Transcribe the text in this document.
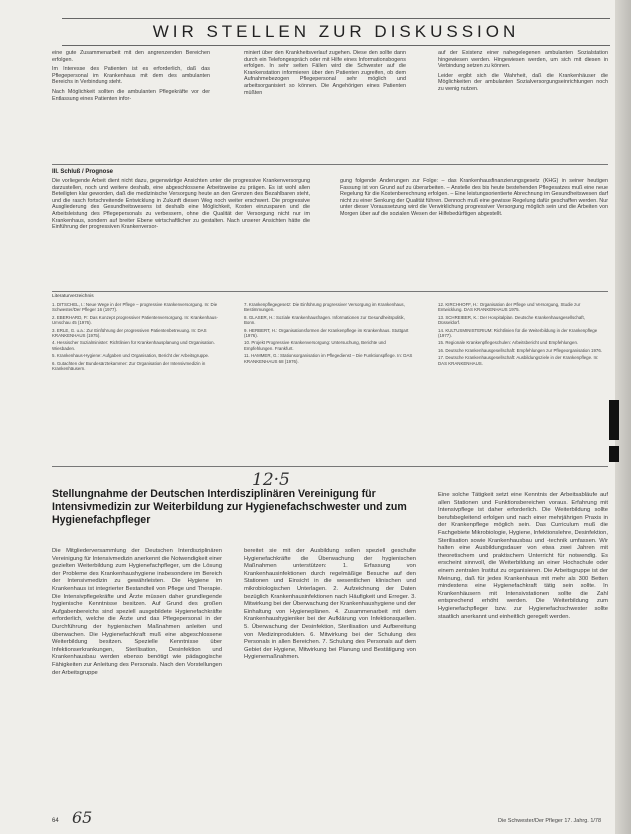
WIR STELLEN ZUR DISKUSSION

eine gute Zusammenarbeit mit den angrenzenden Bereichen erfolgen.

Im Interesse des Patienten ist es erforderlich, daß das Pflegepersonal im Krankenhaus mit dem des ambulanten Bereichs in Verbindung steht.

Nach Möglichkeit sollten die ambulanten Pflegekräfte vor der Entlassung eines Patienten infor-

miniert über den Krankheitsverlauf zugehen. Diese den sollte dann durch ein Telefongespräch oder mit Hilfe eines Informationsbogens erfolgen. In sehr selten Fällen wird die Schwester auf die Krankenstation informieren über den Patienten zugreifen, ob dem Aufnahmebezogen Pflegepersonal sehr möglich und arbeitsorganisiert so können. Die Angehörigen eines Patienten müßten

auf der Existenz einer nahegelegenen ambulanten Sozialstation hingewiesen werden. Hingewiesen werden, um sich mit diesen in Verbindung setzen zu können.

Leider ergibt sich die Wahrheit, daß die Krankenhäuser die Möglichkeiten der ambulanten Sozialversorgungseinrichtungen noch zu wenig nutzen.

III. Schluß / Prognose

Die vorliegende Arbeit dient nicht dazu, gegenwärtige Ansichten unter die progressive Krankenversorgung darzustellen, noch und weitere deshalb, eine abgeschlossene Arbeitsweise zu prägen. Es ist wohl allen Beteiligten klar geworden, daß die medizinische Versorgung heute an den Grenzen des Bezahlbaren steht, und die rasch fortschreitende Entwicklung in Zukunft diesen Weg noch weiter erschwert. Die progressive Ausgliederung des Gesundheitswesens ist deshalb eine Möglichkeit, Kosten einzusparen und die Arbeitsleistung des Pflegepersonals zu verbessern, ohne die Qualität der Versorgung nicht nur im Krankenhaus, sondern auf breiter Ebene wirtschaftlicher zu gestalten. Nach unserer Ansichten hätte die Einführung der progressiven Krankenversor-

gung folgende Änderungen zur Folge: – das Krankenhausfinanzierungsgesetz (KHG) in seiner heutigen Fassung ist von Grund auf zu überarbeiten. – Anstelle des bis heute bestehenden Pflegesatzes muß eine neue Regelung für die Kostenberechnung erfolgen. – Eine leistungsorientierte Abrechnung im Gesundheitswesen darf nicht zu einer Senkung der Qualität führen. Dennoch muß eine gewisse Regelung dafür geschaffen werden. Nur unter dieser Voraussetzung wird die Verwirklichung progressiver Versorgung möglich sein und die Arbeiten von Morgen über auf die sozialen Wesen der Hilfebedürftigen abgestellt.

Literaturverzeichnis
1. DITSCHEL, I.: Neue Wege in der Pflege – progressive Krankenversorgung. In: Die Schwester/Der Pfleger 16 (1977).
2. EBERHARD, P.: Das Konzept progressiver Patientenversorgung. In: Krankenhaus-Umschau 45 (1976).
3. ERLE, G. u.a.: Zur Einführung der progressiven Patientenbetreuung. In: DAS KRANKENHAUS (1975).
4. Hessischer Sozialminister: Richtlinien für Krankenhausplanung und Organisation. Wiesbaden.
5. Krankenhaus-Hygiene: Aufgaben und Organisation, Bericht der Arbeitsgruppe.
6. Gutachten der Bundesärztekammer: Zur Organisation der Intensivmedizin in Krankenhäusern.
7. Krankenpflegegesetz: Die Einführung progressiver Versorgung im Krankenhaus, Bestimmungen.
8. GLASER, H.: Soziale Krankenhausfragen. Informationen zur Gesundheitspolitik, Bonn.
9. HERBERT, H.: Organisationsformen der Krankenpflege im Krankenhaus. Stuttgart (1976).
10. Projekt Progressive Krankenversorgung: Untersuchung, Berichte und Empfehlungen. Frankfurt.
11. HAMMER, G.: Stationsorganisation im Pflegedienst – Die Funktionspflege. In: DAS KRANKENHAUS 68 (1976).
12. KIRCHHOFF, H.: Organisation der Pflege und Versorgung, Studie zur Entwicklung. DAS KRANKENHAUS 1975.
13. SCHREIBER, K.: Der Hospitalplan. Deutsche Krankenhausgesellschaft, Düsseldorf.
14. KULTUSMINISTERIUM: Richtlinien für die Weiterbildung in der Krankenpflege (1977).
15. Regionale Krankenpflegeschulen: Arbeitsbericht und Empfehlungen.
16. Deutsche Krankenhausgesellschaft: Empfehlungen zur Pflegeorganisation 1976.
17. Deutsche Krankenhausgesellschaft: Ausbildungsziele in der Krankenpflege. In: DAS KRANKENHAUS.
12·5
Stellungnahme der Deutschen Interdisziplinären Vereinigung für Intensivmedizin zur Weiterbildung zur Hygienefachschwester und zum Hygienefachpfleger

Die Mitgliederversammlung der Deutschen Interdisziplinären Vereinigung für Intensivmedizin anerkennt die Notwendigkeit einer gezielten Weiterbildung zum Hygienefachpfleger, um die Lösung der Probleme des Krankenhaushygiene insbesondere im Bereich der Intensivmedizin zu gewährleisten. Die Hygiene im Krankenhaus ist integrierter Bestandteil von Pflege und Therapie. Die Intensivpflegekräfte und Ärzte müssen daher grundlegende hygienische Kenntnisse besitzen. Auf Grund des großen Aufgabenbereichs sind speziell ausgebildete Hygienefachkräfte erforderlich, welche die Ärzte und das Pflegepersonal in der Durchführung der hygienischen Maßnahmen anleiten und überwachen. Die Hygienefachkraft muß eine abgeschlossene Weiterbildung besitzen. Spezielle Kenntnisse über Infektionserkrankungen, Sterilisation, Desinfektion und Krankenhausbau werden ebenso benötigt wie pädagogische Fähigkeiten zur Anleitung des Personals. Nach den Vorstellungen der Arbeitsgruppe

bereitet sie mit der Ausbildung sollen speziell geschulte Hygienefachkräfte die Überwachung der hygienischen Maßnahmen unterstützen: 1. Erfassung von Krankenhausinfektionen durch regelmäßige Besuche auf den Stationen und Einsicht in die wesentlichen klinischen und mikrobiologischen Unterlagen. 2. Aufzeichnung der Daten bezüglich Krankenhausinfektionen nach Häufigkeit und Erreger. 3. Mitwirkung bei der Überwachung der Krankenhaushygiene und der Einhaltung von Hygieneplänen. 4. Zusammenarbeit mit dem Krankenhaushygieniker bei der Aufklärung von Infektionsquellen. 5. Überwachung der Desinfektion, Sterilisation und Aufbereitung von Medizinprodukten. 6. Mitwirkung bei der Schulung des Personals in allen Bereichen. 7. Schulung des Personals auf dem Gebiet der Hygiene, Mitwirkung bei Planung und Bestätigung von Hygienemaßnahmen.

Eine solche Tätigkeit setzt eine Kenntnis der Arbeitsabläufe auf allen Stationen und Funktionsbereichen voraus. Erfahrung mit Intensivpflege ist daher erforderlich. Die Weiterbildung sollte berufsbegleitend erfolgen und nach einer mehrjährigen Praxis in der Krankenpflege möglich sein. Das Curriculum muß die Fachgebiete Mikrobiologie, Hygiene, Infektionslehre, Desinfektion, Sterilisation sowie Krankenhausbau und -technik umfassen. Wir halten eine Ausbildungsdauer von etwa zwei Jahren mit theoretischem und praktischem Unterricht für notwendig. Es erscheint sinnvoll, die Weiterbildung an einer Hochschule oder einem zentralen Institut zu organisieren. Die Arbeitsgruppe ist der Meinung, daß für jedes Krankenhaus mit mehr als 300 Betten mindestens eine Hygienefachkraft tätig sein sollte. In Krankenhäusern mit Intensivstationen sollte die Zahl entsprechend erhöht werden. Die Weiterbildung zum Hygienefachpfleger bzw. zur Hygienefachschwester sollte staatlich anerkannt und einheitlich geregelt werden.

64 65	Die Schwester/Der Pfleger 17. Jahrg. 1/78
